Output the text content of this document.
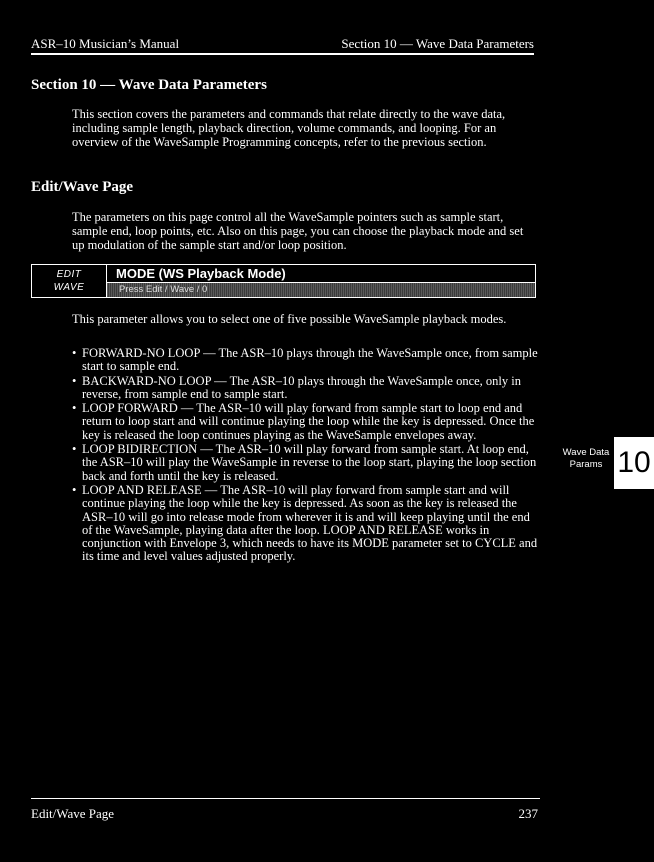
ASR–10 Musician’s Manual	Section 10 — Wave Data Parameters
Section 10 — Wave Data Parameters
This section covers the parameters and commands that relate directly to the wave data, including sample length, playback direction, volume commands, and looping. For an overview of the WaveSample Programming concepts, refer to the previous section.
Edit/Wave Page
The parameters on this page control all the WaveSample pointers such as sample start, sample end, loop points, etc. Also on this page, you can choose the playback mode and set up modulation of the sample start and/or loop position.
EDIT
WAVE
MODE (WS Playback Mode)
Press Edit / Wave / 0
This parameter allows you to select one of five possible WaveSample playback modes.
• FORWARD-NO LOOP — The ASR–10 plays through the WaveSample once, from sample start to sample end.
• BACKWARD-NO LOOP — The ASR–10 plays through the WaveSample once, only in reverse, from sample end to sample start.
• LOOP FORWARD — The ASR–10 will play forward from sample start to loop end and return to loop start and will continue playing the loop while the key is depressed. Once the key is released the loop continues playing as the WaveSample envelopes away.
• LOOP BIDIRECTION — The ASR–10 will play forward from sample start. At loop end, the ASR–10 will play the WaveSample in reverse to the loop start, playing the loop section back and forth until the key is released.
• LOOP AND RELEASE — The ASR–10 will play forward from sample start and will continue playing the loop while the key is depressed. As soon as the key is released the ASR–10 will go into release mode from wherever it is and will keep playing until the end of the WaveSample, playing data after the loop. LOOP AND RELEASE works in conjunction with Envelope 3, which needs to have its MODE parameter set to CYCLE and its time and level values adjusted properly.
Wave Data
Params 10
Edit/Wave Page	237
